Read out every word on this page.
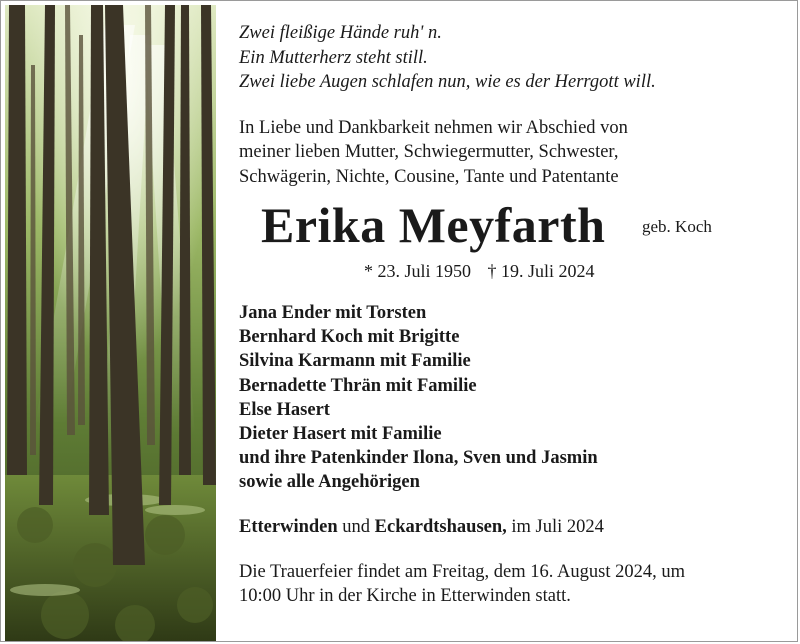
Zwei fleißige Hände ruh' n.
Ein Mutterherz steht still.
Zwei liebe Augen schlafen nun, wie es der Herrgott will.
In Liebe und Dankbarkeit nehmen wir Abschied von
meiner lieben Mutter, Schwiegermutter, Schwester,
Schwägerin, Nichte, Cousine, Tante und Patentante
Erika Meyfarth geb. Koch
* 23. Juli 1950 † 19. Juli 2024
Jana Ender mit Torsten
Bernhard Koch mit Brigitte
Silvina Karmann mit Familie
Bernadette Thrän mit Familie
Else Hasert
Dieter Hasert mit Familie
und ihre Patenkinder Ilona, Sven und Jasmin
sowie alle Angehörigen
Etterwinden und Eckardtshausen, im Juli 2024
Die Trauerfeier findet am Freitag, dem 16. August 2024, um
10:00 Uhr in der Kirche in Etterwinden statt.
